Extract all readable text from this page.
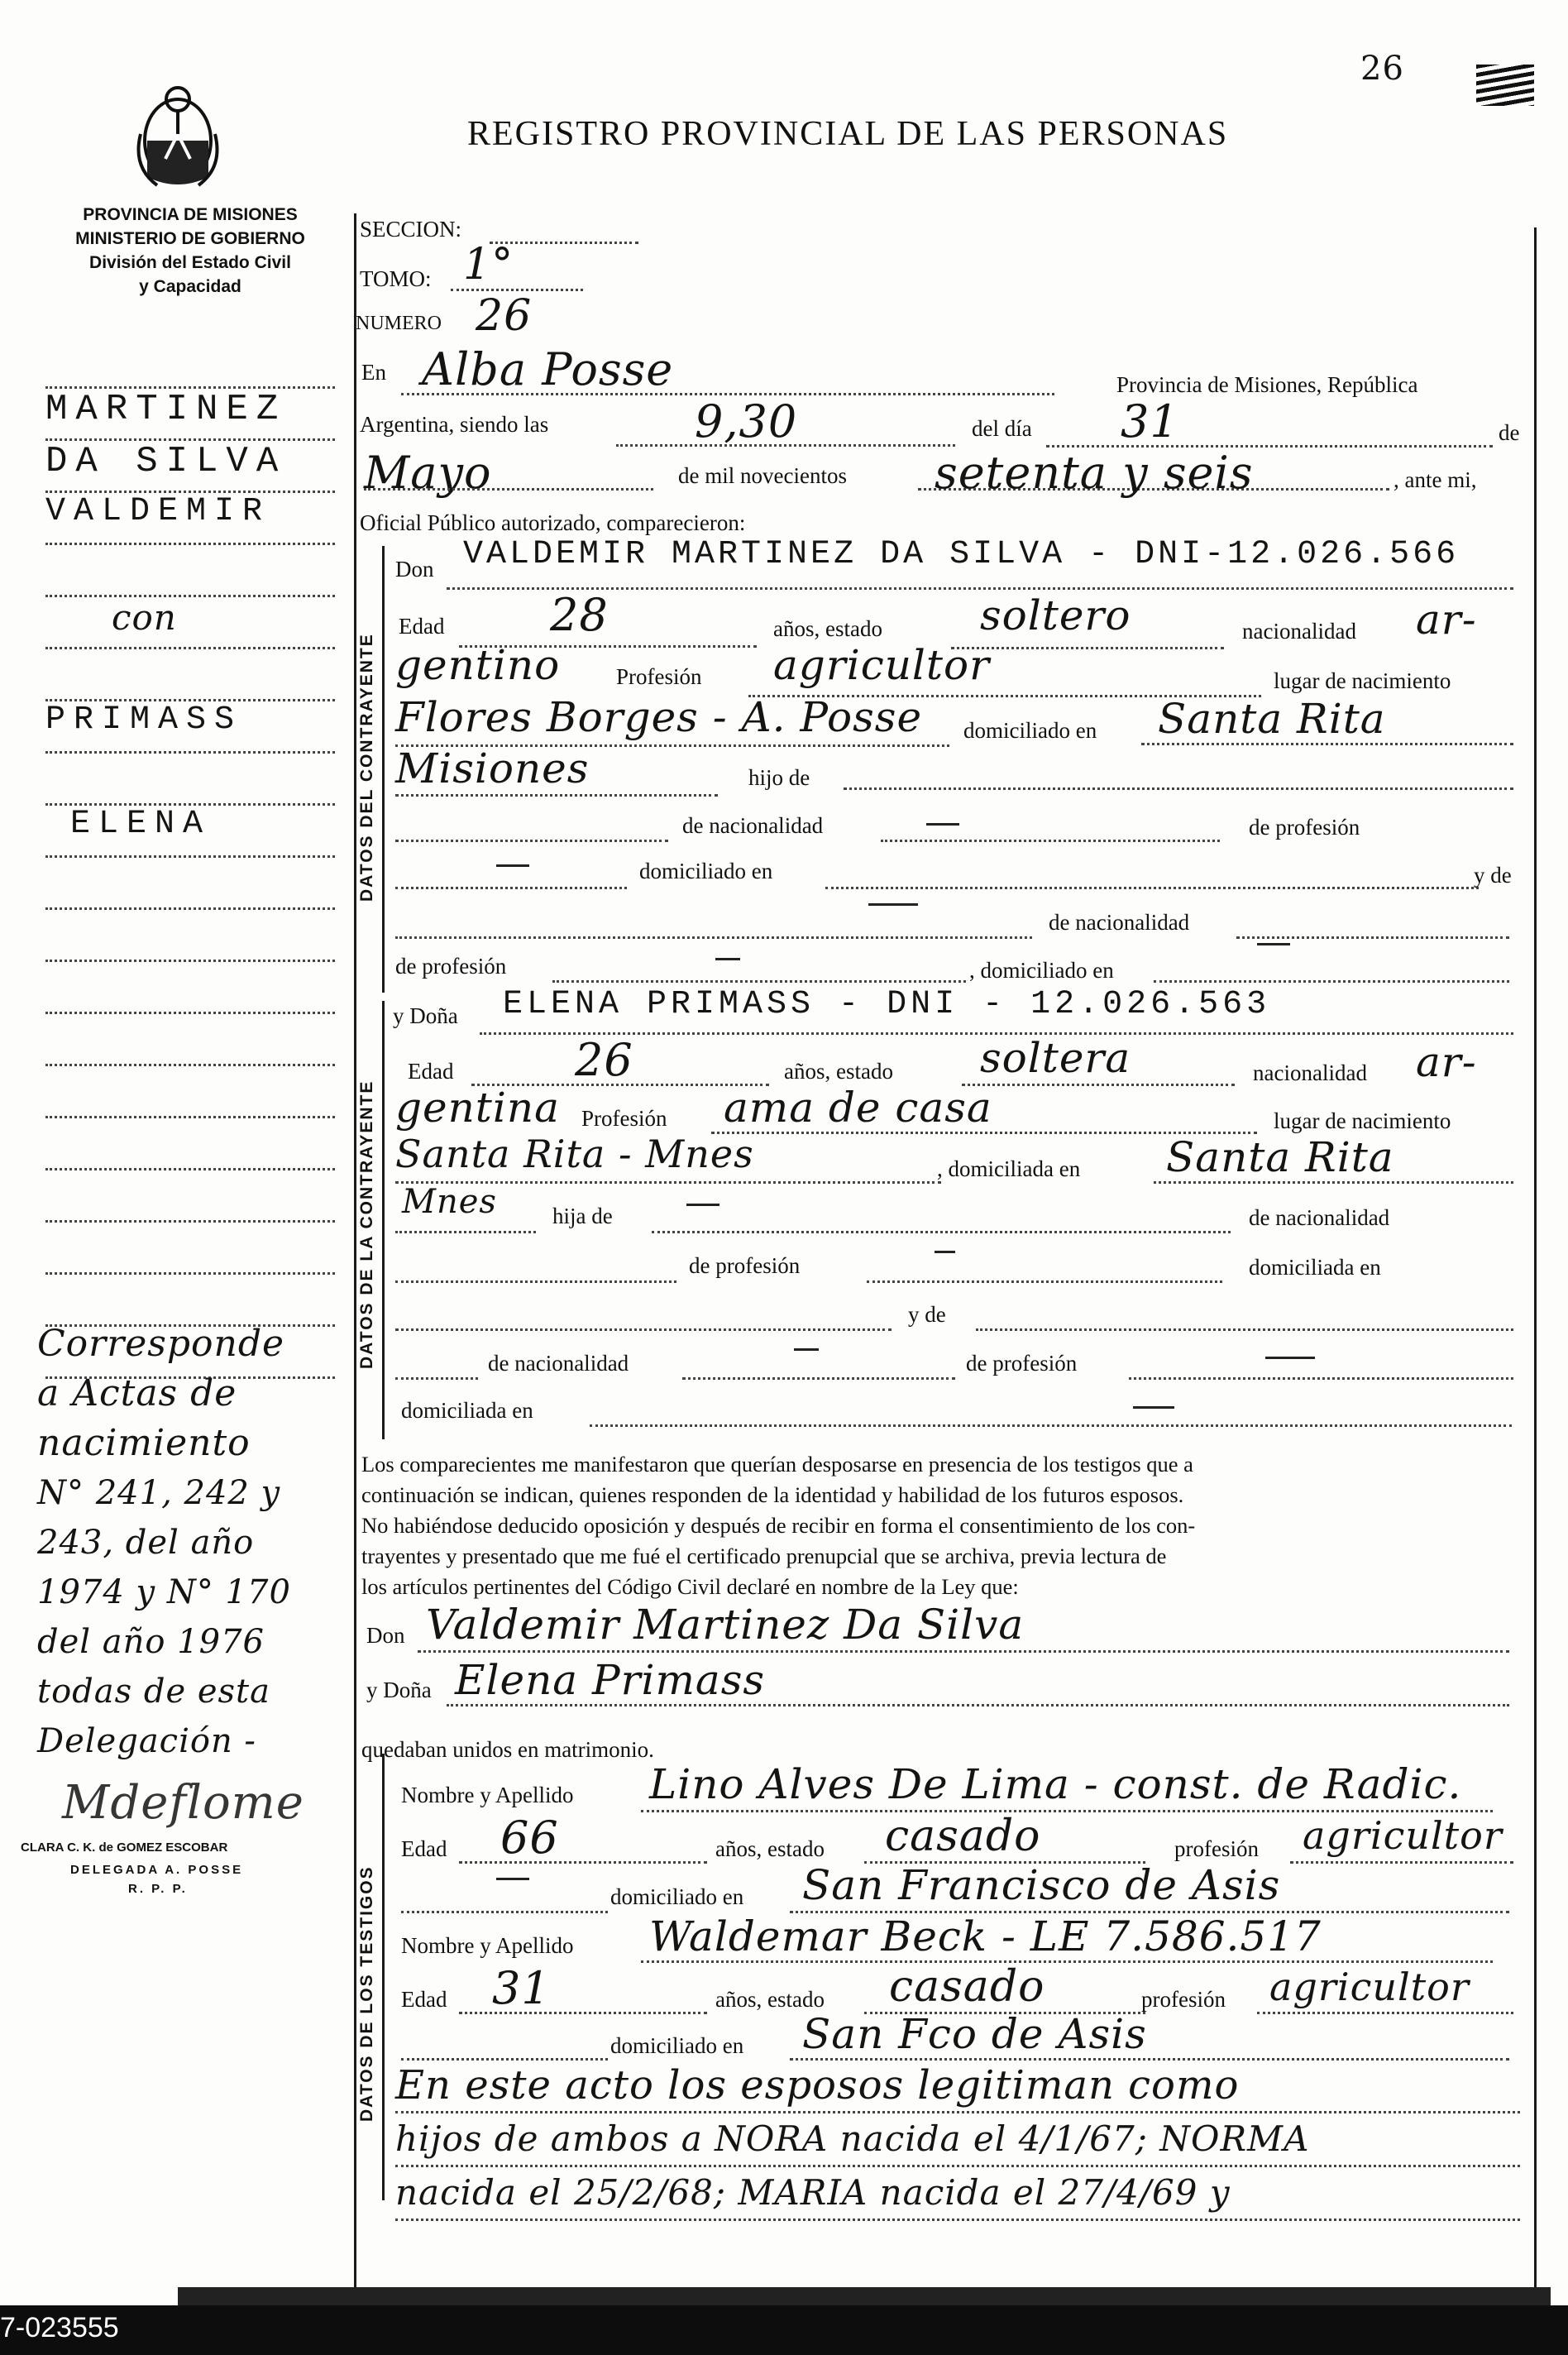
26
REGISTRO PROVINCIAL DE LAS PERSONAS
PROVINCIA DE MISIONES
MINISTERIO DE GOBIERNO
División del Estado Civil
y Capacidad
7-023555
MARTINEZ
DA SILVA
VALDEMIR
con
PRIMASS
ELENA
Corresponde
a Actas de
nacimiento
N° 241, 242 y
243, del año
1974 y N° 170
del año 1976
todas de esta
Delegación -
Mdeflome
CLARA C. K. de GOMEZ ESCOBAR
DELEGADA A. POSSE
R. P. P.
SECCION:
TOMO: 1°
NUMERO 26
En Alba Posse	Provincia de Misiones, República
Argentina, siendo las	9,30	del día 31	de
Mayo	de mil novecientos setenta y seis	, ante mi,
Oficial Público autorizado, comparecieron:
DATOS DEL CONTRAYENTE
Don VALDEMIR MARTINEZ DA SILVA - DNI-12.026.566
Edad 28	años, estado soltero	nacionalidad ar-
gentino	Profesión agricultor	lugar de nacimiento
Flores Borges - A. Posse domiciliado en Santa Rita
Misiones	hijo de
de nacionalidad	de profesión
domiciliado en	y de
de nacionalidad
de profesión	, domiciliado en
DATOS DE LA CONTRAYENTE
y Doña ELENA PRIMASS - DNI - 12.026.563
Edad	26	años, estado soltera	nacionalidad ar-
gentina Profesión ama de casa	lugar de nacimiento
Santa Rita - Mnes	, domiciliada en Santa Rita
Mnes hija de	de nacionalidad
de profesión	domiciliada en
y de
de nacionalidad	de profesión
domiciliada en
Los comparecientes me manifestaron que querían desposarse en presencia de los testigos que a
continuación se indican, quienes responden de la identidad y habilidad de los futuros esposos.
No habiéndose deducido oposición y después de recibir en forma el consentimiento de los con-
trayentes y presentado que me fué el certificado prenupcial que se archiva, previa lectura de
los artículos pertinentes del Código Civil declaré en nombre de la Ley que:
Don Valdemir Martinez Da Silva
y Doña Elena Primass
quedaban unidos en matrimonio.
DATOS DE LOS TESTIGOS
Nombre y Apellido Lino Alves De Lima - const. de Radic.
Edad 66	años, estado casado	profesión agricultor
domiciliado en San Francisco de Asis
Nombre y Apellido Waldemar Beck - LE 7.586.517
Edad 31	años, estado casado	profesión agricultor
domiciliado en San Fco de Asis
En este acto los esposos legitiman como
hijos de ambos a NORA nacida el 4/1/67; NORMA
nacida el 25/2/68; MARIA nacida el 27/4/69 y
